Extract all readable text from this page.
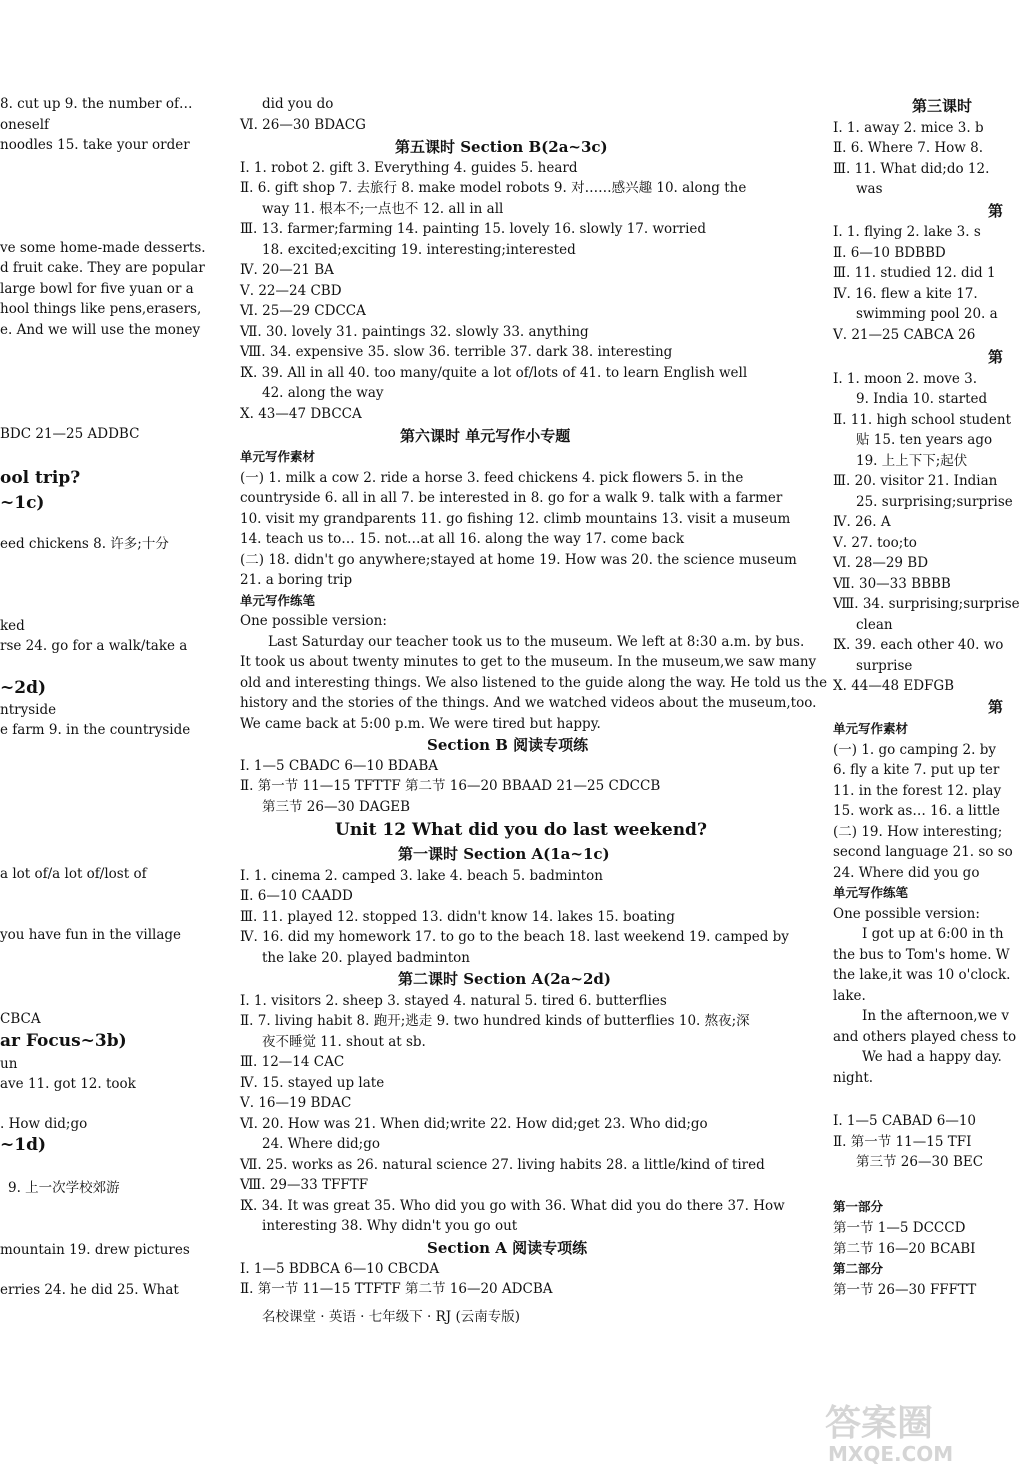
8. cut up 9. the number of…
oneself
noodles 15. take your order
ve some home-made desserts.
d fruit cake. They are popular
large bowl for five yuan or a
hool things like pens,erasers,
e. And we will use the money
BDC 21—25 ADDBC
ool trip?
~1c)
eed chickens 8. 许多;十分
ked
rse 24. go for a walk/take a
~2d)
ntryside
e farm 9. in the countryside
a lot of/a lot of/lost of
you have fun in the village
CBCA
ar Focus~3b)
un
ave 11. got 12. took
. How did;go
~1d)
9. 上一次学校郊游
mountain 19. drew pictures
erries 24. he did 25. What
did you do
Ⅵ. 26—30 BDACG
第五课时 Section B(2a~3c)
Ⅰ. 1. robot 2. gift 3. Everything 4. guides 5. heard
Ⅱ. 6. gift shop 7. 去旅行 8. make model robots 9. 对……感兴趣 10. along the
way 11. 根本不;一点也不 12. all in all
Ⅲ. 13. farmer;farming 14. painting 15. lovely 16. slowly 17. worried
18. excited;exciting 19. interesting;interested
Ⅳ. 20—21 BA
Ⅴ. 22—24 CBD
Ⅵ. 25—29 CDCCA
Ⅶ. 30. lovely 31. paintings 32. slowly 33. anything
Ⅷ. 34. expensive 35. slow 36. terrible 37. dark 38. interesting
Ⅸ. 39. All in all 40. too many/quite a lot of/lots of 41. to learn English well
42. along the way
Ⅹ. 43—47 DBCCA
第六课时 单元写作小专题
单元写作素材
(一) 1. milk a cow 2. ride a horse 3. feed chickens 4. pick flowers 5. in the
countryside 6. all in all 7. be interested in 8. go for a walk 9. talk with a farmer
10. visit my grandparents 11. go fishing 12. climb mountains 13. visit a museum
14. teach us to… 15. not…at all 16. along the way 17. come back
(二) 18. didn't go anywhere;stayed at home 19. How was 20. the science museum
21. a boring trip
单元写作练笔
One possible version:
Last Saturday our teacher took us to the museum. We left at 8:30 a.m. by bus.
It took us about twenty minutes to get to the museum. In the museum,we saw many
old and interesting things. We also listened to the guide along the way. He told us the
history and the stories of the things. And we watched videos about the museum,too.
We came back at 5:00 p.m. We were tired but happy.
Section B 阅读专项练
Ⅰ. 1—5 CBADC 6—10 BDABA
Ⅱ. 第一节 11—15 TFTTF 第二节 16—20 BBAAD 21—25 CDCCB
第三节 26—30 DAGEB
Unit 12 What did you do last weekend?
第一课时 Section A(1a~1c)
Ⅰ. 1. cinema 2. camped 3. lake 4. beach 5. badminton
Ⅱ. 6—10 CAADD
Ⅲ. 11. played 12. stopped 13. didn't know 14. lakes 15. boating
Ⅳ. 16. did my homework 17. to go to the beach 18. last weekend 19. camped by
the lake 20. played badminton
第二课时 Section A(2a~2d)
Ⅰ. 1. visitors 2. sheep 3. stayed 4. natural 5. tired 6. butterflies
Ⅱ. 7. living habit 8. 跑开;逃走 9. two hundred kinds of butterflies 10. 熬夜;深
夜不睡觉 11. shout at sb.
Ⅲ. 12—14 CAC
Ⅳ. 15. stayed up late
Ⅴ. 16—19 BDAC
Ⅵ. 20. How was 21. When did;write 22. How did;get 23. Who did;go
24. Where did;go
Ⅶ. 25. works as 26. natural science 27. living habits 28. a little/kind of tired
Ⅷ. 29—33 TFFTF
Ⅸ. 34. It was great 35. Who did you go with 36. What did you do there 37. How
interesting 38. Why didn't you go out
Section A 阅读专项练
Ⅰ. 1—5 BDBCA 6—10 CBCDA
Ⅱ. 第一节 11—15 TTFTF 第二节 16—20 ADCBA
第三课时
Ⅰ. 1. away 2. mice 3. b
Ⅱ. 6. Where 7. How 8.
Ⅲ. 11. What did;do 12.
was
第
Ⅰ. 1. flying 2. lake 3. s
Ⅱ. 6—10 BDBBD
Ⅲ. 11. studied 12. did 1
Ⅳ. 16. flew a kite 17.
swimming pool 20. a
Ⅴ. 21—25 CABCA 26
第
Ⅰ. 1. moon 2. move 3.
9. India 10. started
Ⅱ. 11. high school student
贴 15. ten years ago
19. 上上下下;起伏
Ⅲ. 20. visitor 21. Indian
25. surprising;surprise
Ⅳ. 26. A
Ⅴ. 27. too;to
Ⅵ. 28—29 BD
Ⅶ. 30—33 BBBB
Ⅷ. 34. surprising;surprise
clean
Ⅸ. 39. each other 40. wo
surprise
Ⅹ. 44—48 EDFGB
第
单元写作素材
(一) 1. go camping 2. by
6. fly a kite 7. put up ter
11. in the forest 12. play
15. work as… 16. a little
(二) 19. How interesting;
second language 21. so so
24. Where did you go
单元写作练笔
One possible version:
I got up at 6:00 in th
the bus to Tom's home. W
the lake,it was 10 o'clock.
lake.
In the afternoon,we v
and others played chess to
We had a happy day.
night.
Ⅰ. 1—5 CABAD 6—10
Ⅱ. 第一节 11—15 TFI
第三节 26—30 BEC
第一部分
第一节 1—5 DCCCD
第二节 16—20 BCABI
第二部分
第一节 26—30 FFFTT
名校课堂 · 英语 · 七年级下 · RJ (云南专版)
答案圈
MXQE.COM
